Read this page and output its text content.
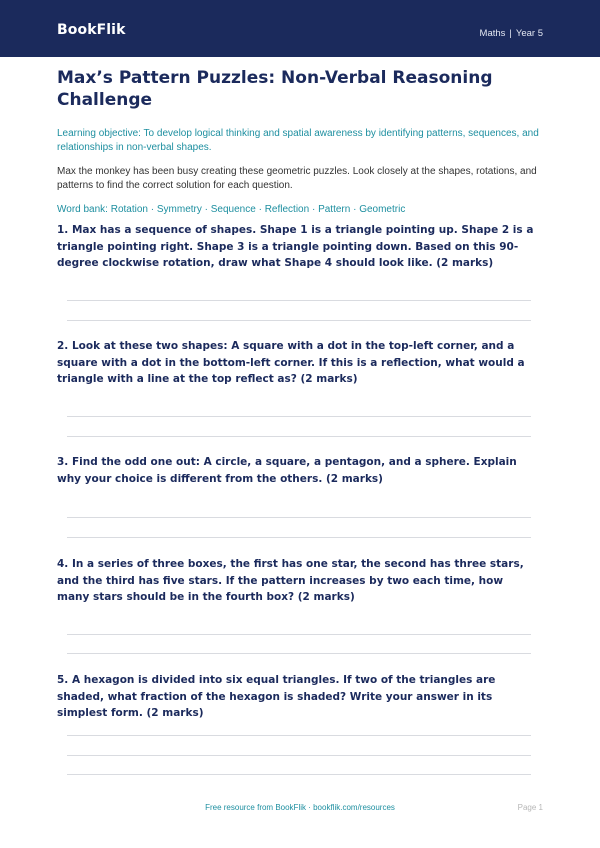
BookFlik	Maths | Year 5
Max’s Pattern Puzzles: Non-Verbal Reasoning Challenge
Learning objective: To develop logical thinking and spatial awareness by identifying patterns, sequences, and relationships in non-verbal shapes.
Max the monkey has been busy creating these geometric puzzles. Look closely at the shapes, rotations, and patterns to find the correct solution for each question.
Word bank: Rotation · Symmetry · Sequence · Reflection · Pattern · Geometric
1. Max has a sequence of shapes. Shape 1 is a triangle pointing up. Shape 2 is a triangle pointing right. Shape 3 is a triangle pointing down. Based on this 90-degree clockwise rotation, draw what Shape 4 should look like. (2 marks)
2. Look at these two shapes: A square with a dot in the top-left corner, and a square with a dot in the bottom-left corner. If this is a reflection, what would a triangle with a line at the top reflect as? (2 marks)
3. Find the odd one out: A circle, a square, a pentagon, and a sphere. Explain why your choice is different from the others. (2 marks)
4. In a series of three boxes, the first has one star, the second has three stars, and the third has five stars. If the pattern increases by two each time, how many stars should be in the fourth box? (2 marks)
5. A hexagon is divided into six equal triangles. If two of the triangles are shaded, what fraction of the hexagon is shaded? Write your answer in its simplest form. (2 marks)
Free resource from BookFlik · bookflik.com/resources	Page 1
